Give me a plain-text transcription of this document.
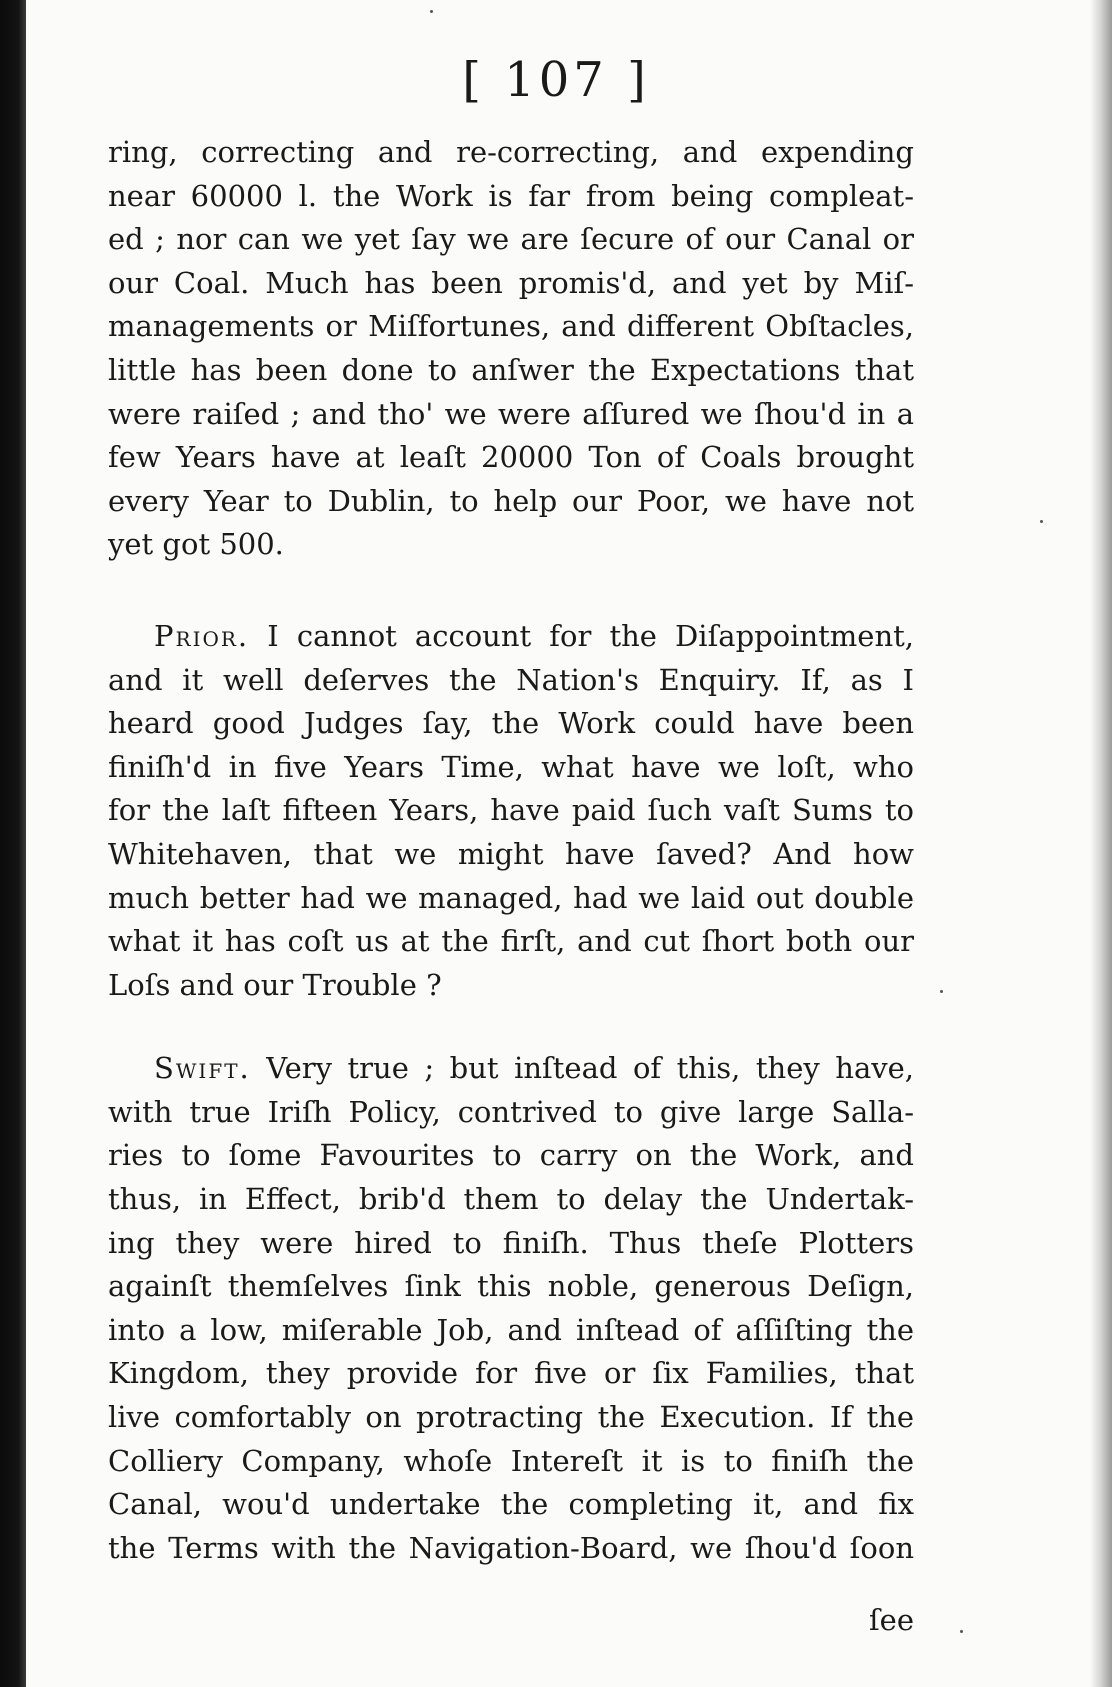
[ 107 ]
ring, correcting and re-correcting, and expending
near 60000 l. the Work is far from being compleat-
ed ; nor can we yet ſay we are ſecure of our Canal or
our Coal. Much has been promis'd, and yet by Miſ-
managements or Miſfortunes, and different Obſtacles,
little has been done to anſwer the Expectations that
were raiſed ; and tho' we were aſſured we ſhou'd in a
few Years have at leaſt 20000 Ton of Coals brought
every Year to Dublin, to help our Poor, we have not
yet got 500.
Prior. I cannot account for the Diſappointment,
and it well deſerves the Nation's Enquiry. If, as I
heard good Judges ſay, the Work could have been
finiſh'd in five Years Time, what have we loſt, who
for the laſt fifteen Years, have paid ſuch vaſt Sums to
Whitehaven, that we might have ſaved? And how
much better had we managed, had we laid out double
what it has coſt us at the firſt, and cut ſhort both our
Loſs and our Trouble ?
Swift. Very true ; but inſtead of this, they have,
with true Iriſh Policy, contrived to give large Salla-
ries to ſome Favourites to carry on the Work, and
thus, in Effect, brib'd them to delay the Undertak-
ing they were hired to finiſh. Thus theſe Plotters
againſt themſelves ſink this noble, generous Deſign,
into a low, miſerable Job, and inſtead of aſſiſting the
Kingdom, they provide for five or ſix Families, that
live comfortably on protracting the Execution. If the
Colliery Company, whoſe Intereſt it is to finiſh the
Canal, wou'd undertake the completing it, and fix
the Terms with the Navigation-Board, we ſhou'd ſoon
ſee
